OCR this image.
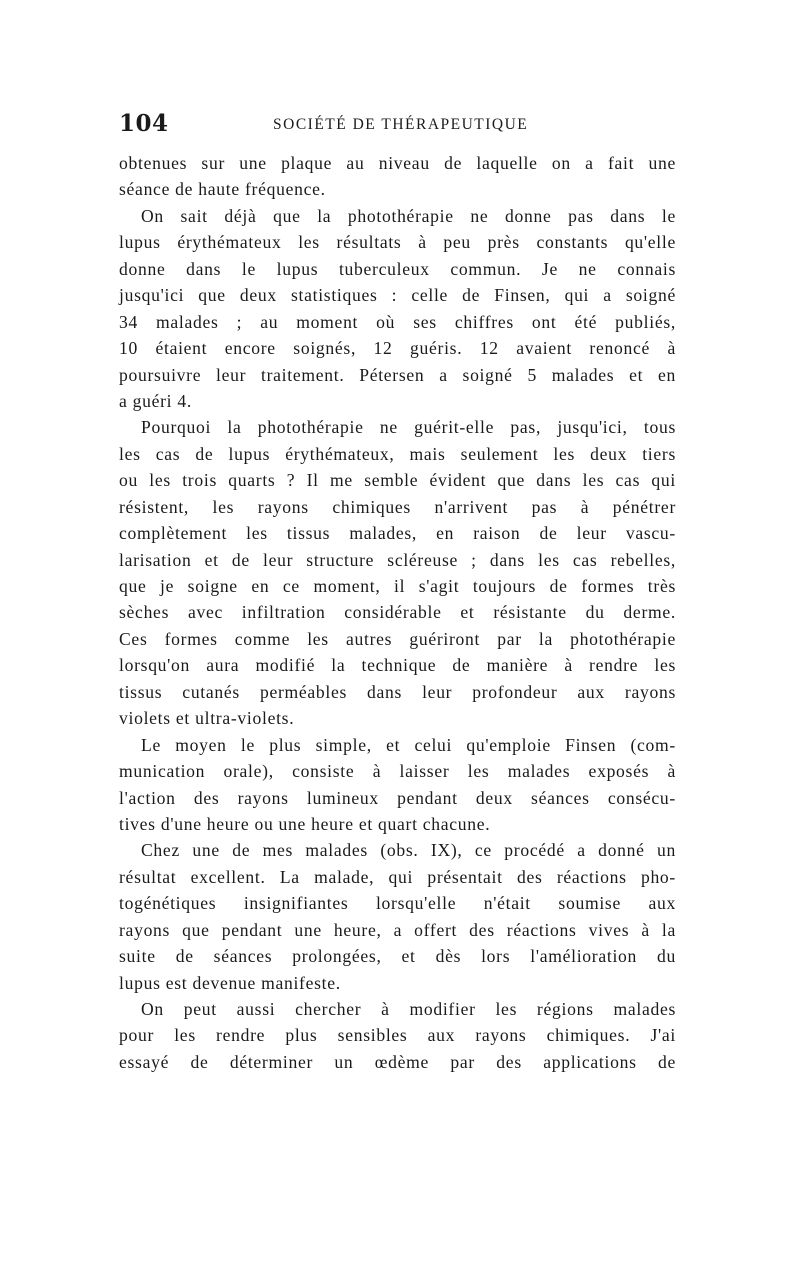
104	SOCIÉTÉ DE THÉRAPEUTIQUE
obtenues sur une plaque au niveau de laquelle on a fait une
séance de haute fréquence.
On sait déjà que la photothérapie ne donne pas dans le
lupus érythémateux les résultats à peu près constants qu'elle
donne dans le lupus tuberculeux commun. Je ne connais
jusqu'ici que deux statistiques : celle de Finsen, qui a soigné
34 malades ; au moment où ses chiffres ont été publiés,
10 étaient encore soignés, 12 guéris. 12 avaient renoncé à
poursuivre leur traitement. Pétersen a soigné 5 malades et en
a guéri 4.
Pourquoi la photothérapie ne guérit-elle pas, jusqu'ici, tous
les cas de lupus érythémateux, mais seulement les deux tiers
ou les trois quarts ? Il me semble évident que dans les cas qui
résistent, les rayons chimiques n'arrivent pas à pénétrer
complètement les tissus malades, en raison de leur vascu-
larisation et de leur structure scléreuse ; dans les cas rebelles,
que je soigne en ce moment, il s'agit toujours de formes très
sèches avec infiltration considérable et résistante du derme.
Ces formes comme les autres guériront par la photothérapie
lorsqu'on aura modifié la technique de manière à rendre les
tissus cutanés perméables dans leur profondeur aux rayons
violets et ultra-violets.
Le moyen le plus simple, et celui qu'emploie Finsen (com-
munication orale), consiste à laisser les malades exposés à
l'action des rayons lumineux pendant deux séances consécu-
tives d'une heure ou une heure et quart chacune.
Chez une de mes malades (obs. IX), ce procédé a donné un
résultat excellent. La malade, qui présentait des réactions pho-
togénétiques insignifiantes lorsqu'elle n'était soumise aux
rayons que pendant une heure, a offert des réactions vives à la
suite de séances prolongées, et dès lors l'amélioration du
lupus est devenue manifeste.
On peut aussi chercher à modifier les régions malades
pour les rendre plus sensibles aux rayons chimiques. J'ai
essayé de déterminer un œdème par des applications de
